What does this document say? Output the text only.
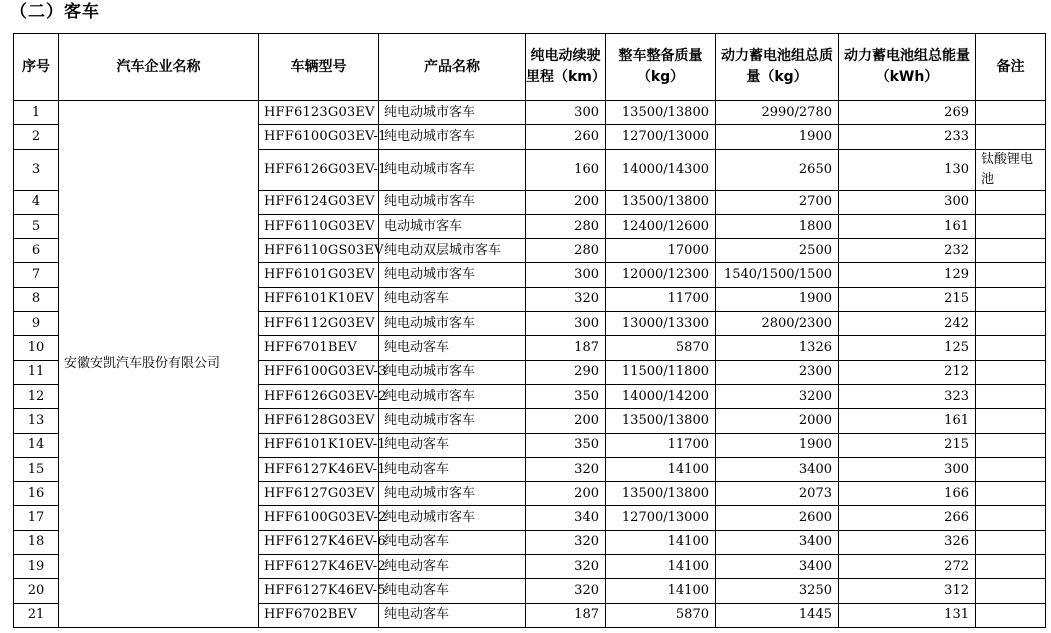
（二）客车
序号	汽车企业名称	车辆型号	产品名称	纯电动续驶里程（km）	整车整备质量（kg）	动力蓄电池组总质量（kg）	动力蓄电池组总能量（kWh）	备注
1	安徽安凯汽车股份有限公司	HFF6123G03EV	纯电动城市客车	300	13500/13800	2990/2780	269	
2		HFF6100G03EV-1	纯电动城市客车	260	12700/13000	1900	233	
3		HFF6126G03EV-1	纯电动城市客车	160	14000/14300	2650	130	钛酸锂电池
4		HFF6124G03EV	纯电动城市客车	200	13500/13800	2700	300	
5		HFF6110G03EV	电动城市客车	280	12400/12600	1800	161	
6		HFF6110GS03EV	纯电动双层城市客车	280	17000	2500	232	
7		HFF6101G03EV	纯电动城市客车	300	12000/12300	1540/1500/1500	129	
8		HFF6101K10EV	纯电动客车	320	11700	1900	215	
9		HFF6112G03EV	纯电动城市客车	300	13000/13300	2800/2300	242	
10		HFF6701BEV	纯电动客车	187	5870	1326	125	
11		HFF6100G03EV-3	纯电动城市客车	290	11500/11800	2300	212	
12		HFF6126G03EV-2	纯电动城市客车	350	14000/14200	3200	323	
13		HFF6128G03EV	纯电动城市客车	200	13500/13800	2000	161	
14		HFF6101K10EV-1	纯电动客车	350	11700	1900	215	
15		HFF6127K46EV-1	纯电动客车	320	14100	3400	300	
16		HFF6127G03EV	纯电动城市客车	200	13500/13800	2073	166	
17		HFF6100G03EV-2	纯电动城市客车	340	12700/13000	2600	266	
18		HFF6127K46EV-6	纯电动客车	320	14100	3400	326	
19		HFF6127K46EV-2	纯电动客车	320	14100	3400	272	
20		HFF6127K46EV-5	纯电动客车	320	14100	3250	312	
21		HFF6702BEV	纯电动客车	187	5870	1445	131	
